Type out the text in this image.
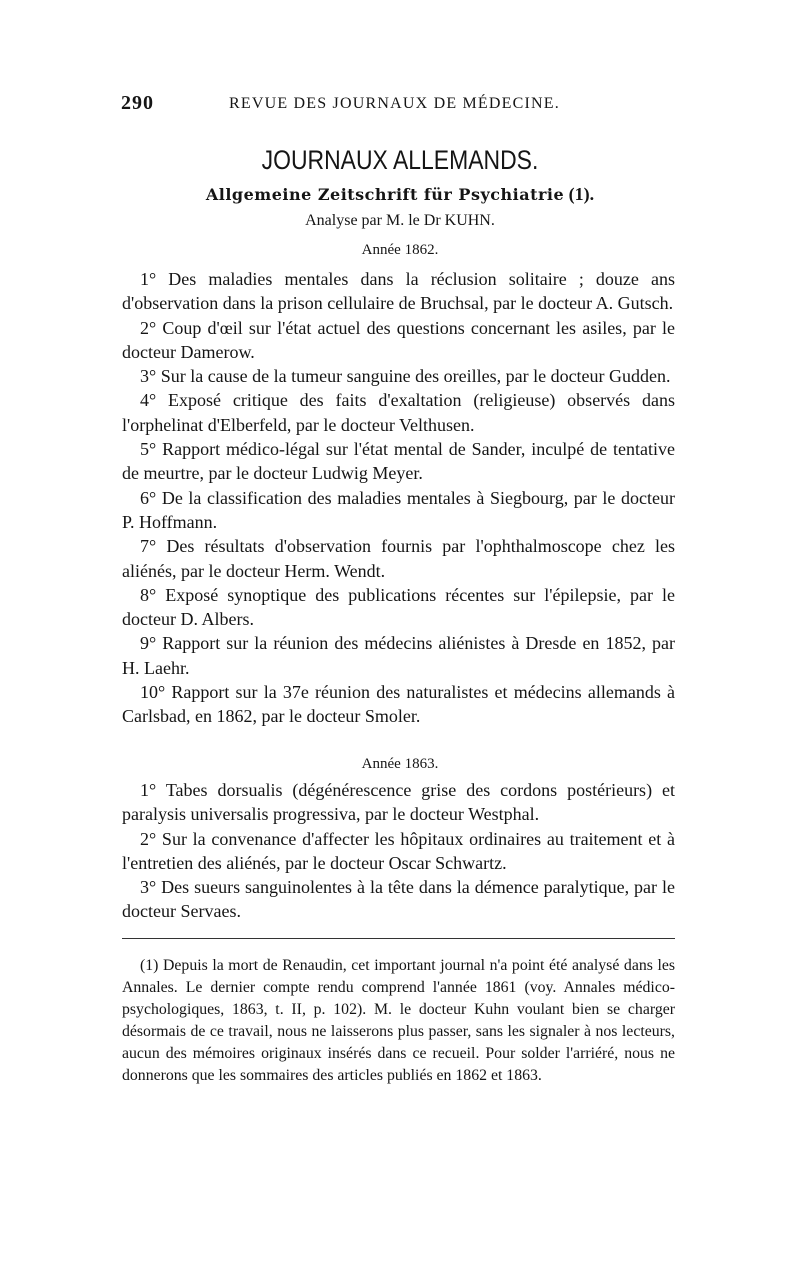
290	REVUE DES JOURNAUX DE MÉDECINE.
JOURNAUX ALLEMANDS.
Allgemeine Zeitschrift für Psychiatrie (1).
Analyse par M. le Dr KUHN.
Année 1862.

1° Des maladies mentales dans la réclusion solitaire ; douze ans d'observation dans la prison cellulaire de Bruchsal, par le docteur A. Gutsch.

2° Coup d'œil sur l'état actuel des questions concernant les asiles, par le docteur Damerow.

3° Sur la cause de la tumeur sanguine des oreilles, par le docteur Gudden.

4° Exposé critique des faits d'exaltation (religieuse) observés dans l'orphelinat d'Elberfeld, par le docteur Velthusen.

5° Rapport médico-légal sur l'état mental de Sander, inculpé de tentative de meurtre, par le docteur Ludwig Meyer.

6° De la classification des maladies mentales à Siegbourg, par le docteur P. Hoffmann.

7° Des résultats d'observation fournis par l'ophthalmoscope chez les aliénés, par le docteur Herm. Wendt.

8° Exposé synoptique des publications récentes sur l'épilepsie, par le docteur D. Albers.

9° Rapport sur la réunion des médecins aliénistes à Dresde en 1852, par H. Laehr.

10° Rapport sur la 37e réunion des naturalistes et médecins allemands à Carlsbad, en 1862, par le docteur Smoler.

Année 1863.

1° Tabes dorsualis (dégénérescence grise des cordons postérieurs) et paralysis universalis progressiva, par le docteur Westphal.

2° Sur la convenance d'affecter les hôpitaux ordinaires au traitement et à l'entretien des aliénés, par le docteur Oscar Schwartz.

3° Des sueurs sanguinolentes à la tête dans la démence paralytique, par le docteur Servaes.

(1) Depuis la mort de Renaudin, cet important journal n'a point été analysé dans les Annales. Le dernier compte rendu comprend l'année 1861 (voy. Annales médico-psychologiques, 1863, t. II, p. 102). M. le docteur Kuhn voulant bien se charger désormais de ce travail, nous ne laisserons plus passer, sans les signaler à nos lecteurs, aucun des mémoires originaux insérés dans ce recueil. Pour solder l'arriéré, nous ne donnerons que les sommaires des articles publiés en 1862 et 1863.
